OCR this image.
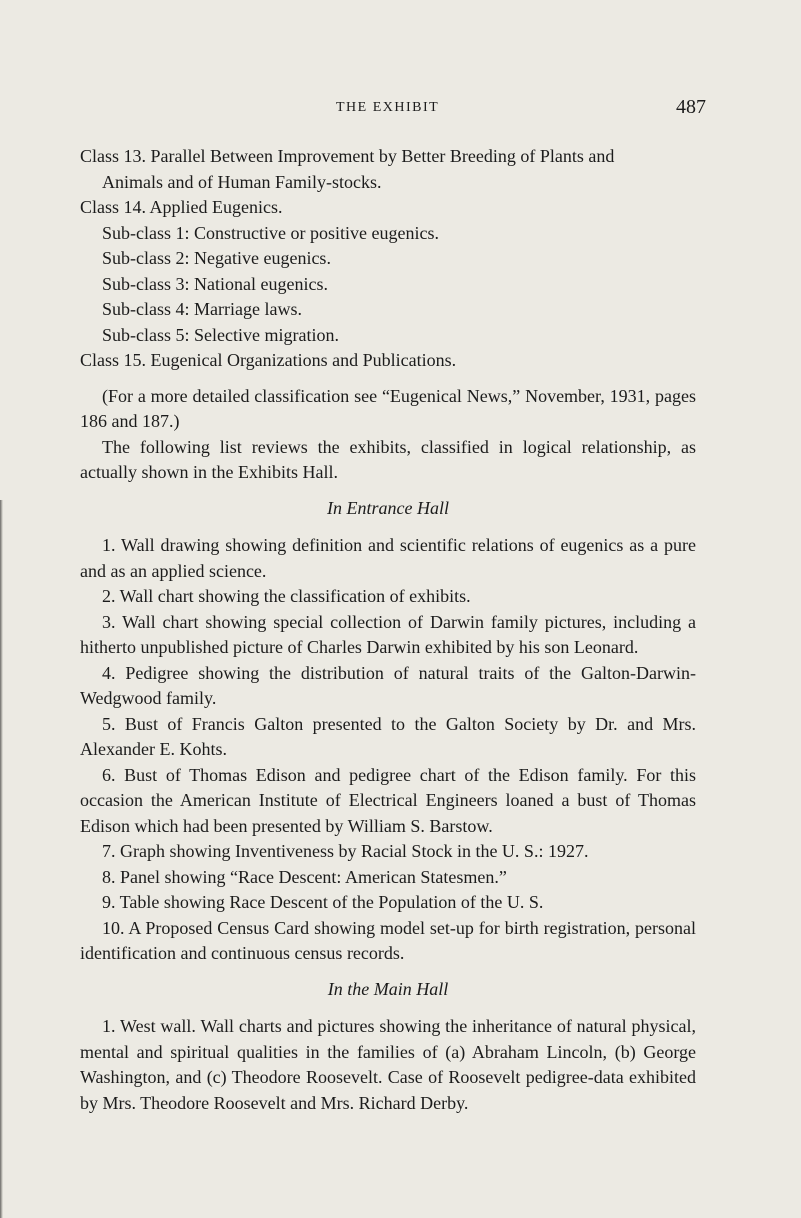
THE EXHIBIT	487
Class 13. Parallel Between Improvement by Better Breeding of Plants and
Animals and of Human Family-stocks.
Class 14. Applied Eugenics.
Sub-class 1: Constructive or positive eugenics.
Sub-class 2: Negative eugenics.
Sub-class 3: National eugenics.
Sub-class 4: Marriage laws.
Sub-class 5: Selective migration.
Class 15. Eugenical Organizations and Publications.
(For a more detailed classification see “Eugenical News,” November, 1931, pages 186 and 187.)
The following list reviews the exhibits, classified in logical relationship, as actually shown in the Exhibits Hall.
In Entrance Hall
1. Wall drawing showing definition and scientific relations of eugenics as a pure and as an applied science.
2. Wall chart showing the classification of exhibits.
3. Wall chart showing special collection of Darwin family pictures, including a hitherto unpublished picture of Charles Darwin exhibited by his son Leonard.
4. Pedigree showing the distribution of natural traits of the Galton-Darwin-Wedgwood family.
5. Bust of Francis Galton presented to the Galton Society by Dr. and Mrs. Alexander E. Kohts.
6. Bust of Thomas Edison and pedigree chart of the Edison family. For this occasion the American Institute of Electrical Engineers loaned a bust of Thomas Edison which had been presented by William S. Barstow.
7. Graph showing Inventiveness by Racial Stock in the U. S.: 1927.
8. Panel showing “Race Descent: American Statesmen.”
9. Table showing Race Descent of the Population of the U. S.
10. A Proposed Census Card showing model set-up for birth registration, personal identification and continuous census records.
In the Main Hall
1. West wall. Wall charts and pictures showing the inheritance of natural physical, mental and spiritual qualities in the families of (a) Abraham Lincoln, (b) George Washington, and (c) Theodore Roosevelt. Case of Roosevelt pedigree-data exhibited by Mrs. Theodore Roosevelt and Mrs. Richard Derby.
